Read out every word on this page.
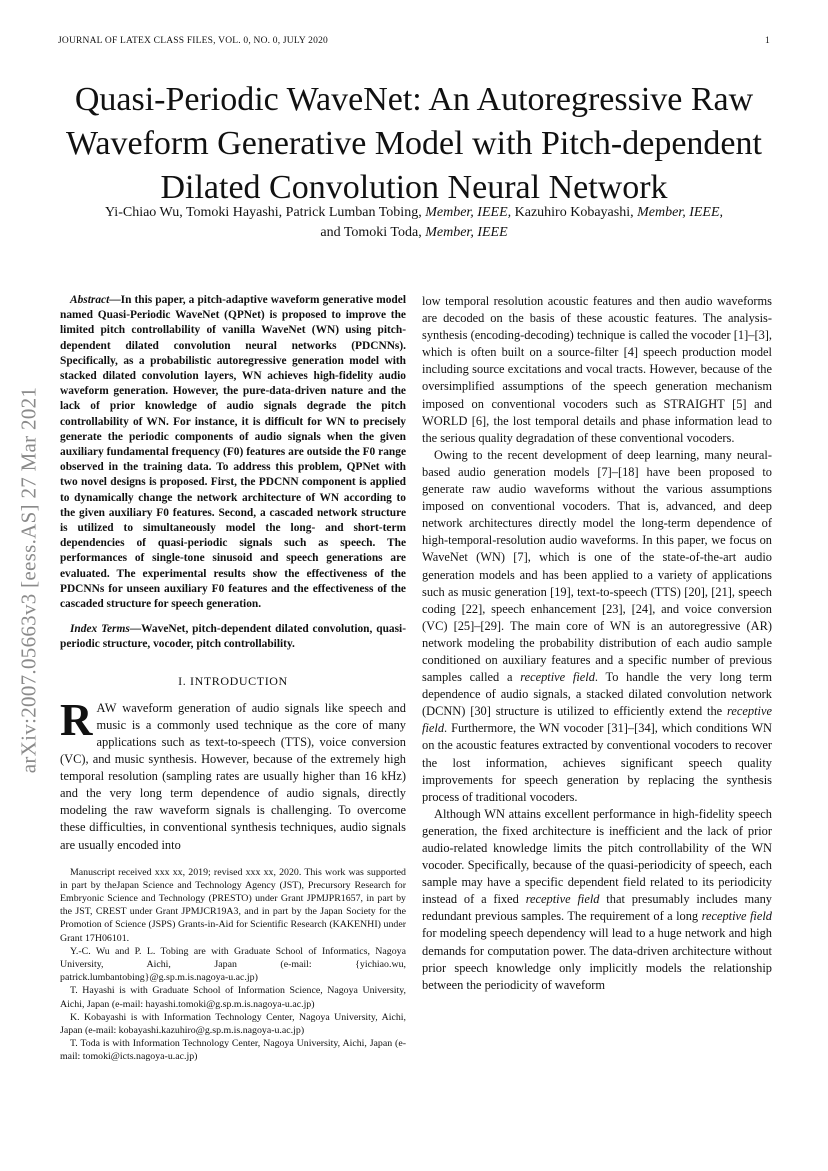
JOURNAL OF LATEX CLASS FILES, VOL. 0, NO. 0, JULY 2020	1
arXiv:2007.05663v3 [eess.AS] 27 Mar 2021
Quasi-Periodic WaveNet: An Autoregressive Raw Waveform Generative Model with Pitch-dependent Dilated Convolution Neural Network
Yi-Chiao Wu, Tomoki Hayashi, Patrick Lumban Tobing, Member, IEEE, Kazuhiro Kobayashi, Member, IEEE,
and Tomoki Toda, Member, IEEE

Abstract—In this paper, a pitch-adaptive waveform generative model named Quasi-Periodic WaveNet (QPNet) is proposed to improve the limited pitch controllability of vanilla WaveNet (WN) using pitch-dependent dilated convolution neural networks (PDCNNs). Specifically, as a probabilistic autoregressive generation model with stacked dilated convolution layers, WN achieves high-fidelity audio waveform generation. However, the pure-data-driven nature and the lack of prior knowledge of audio signals degrade the pitch controllability of WN. For instance, it is difficult for WN to precisely generate the periodic components of audio signals when the given auxiliary fundamental frequency (F0) features are outside the F0 range observed in the training data. To address this problem, QPNet with two novel designs is proposed. First, the PDCNN component is applied to dynamically change the network architecture of WN according to the given auxiliary F0 features. Second, a cascaded network structure is utilized to simultaneously model the long- and short-term dependencies of quasi-periodic signals such as speech. The performances of single-tone sinusoid and speech generations are evaluated. The experimental results show the effectiveness of the PDCNNs for unseen auxiliary F0 features and the effectiveness of the cascaded structure for speech generation.

Index Terms—WaveNet, pitch-dependent dilated convolution, quasi-periodic structure, vocoder, pitch controllability.

I. INTRODUCTION

RAW waveform generation of audio signals like speech and music is a commonly used technique as the core of many applications such as text-to-speech (TTS), voice conversion (VC), and music synthesis. However, because of the extremely high temporal resolution (sampling rates are usually higher than 16 kHz) and the very long term dependence of audio signals, directly modeling the raw waveform signals is challenging. To overcome these difficulties, in conventional synthesis techniques, audio signals are usually encoded into

Manuscript received xxx xx, 2019; revised xxx xx, 2020. This work was supported in part by theJapan Science and Technology Agency (JST), Precursory Research for Embryonic Science and Technology (PRESTO) under Grant JPMJPR1657, in part by the JST, CREST under Grant JPMJCR19A3, and in part by the Japan Society for the Promotion of Science (JSPS) Grants-in-Aid for Scientific Research (KAKENHI) under Grant 17H06101.

Y.-C. Wu and P. L. Tobing are with Graduate School of Informatics, Nagoya University, Aichi, Japan (e-mail: {yichiao.wu, patrick.lumbantobing}@g.sp.m.is.nagoya-u.ac.jp)

T. Hayashi is with Graduate School of Information Science, Nagoya University, Aichi, Japan (e-mail: hayashi.tomoki@g.sp.m.is.nagoya-u.ac.jp)

K. Kobayashi is with Information Technology Center, Nagoya University, Aichi, Japan (e-mail: kobayashi.kazuhiro@g.sp.m.is.nagoya-u.ac.jp)

T. Toda is with Information Technology Center, Nagoya University, Aichi, Japan (e-mail: tomoki@icts.nagoya-u.ac.jp)

low temporal resolution acoustic features and then audio waveforms are decoded on the basis of these acoustic features. The analysis-synthesis (encoding-decoding) technique is called the vocoder [1]–[3], which is often built on a source-filter [4] speech production model including source excitations and vocal tracts. However, because of the oversimplified assumptions of the speech generation mechanism imposed on conventional vocoders such as STRAIGHT [5] and WORLD [6], the lost temporal details and phase information lead to the serious quality degradation of these conventional vocoders.

Owing to the recent development of deep learning, many neural-based audio generation models [7]–[18] have been proposed to generate raw audio waveforms without the various assumptions imposed on conventional vocoders. That is, advanced, and deep network architectures directly model the long-term dependence of high-temporal-resolution audio waveforms. In this paper, we focus on WaveNet (WN) [7], which is one of the state-of-the-art audio generation models and has been applied to a variety of applications such as music generation [19], text-to-speech (TTS) [20], [21], speech coding [22], speech enhancement [23], [24], and voice conversion (VC) [25]–[29]. The main core of WN is an autoregressive (AR) network modeling the probability distribution of each audio sample conditioned on auxiliary features and a specific number of previous samples called a receptive field. To handle the very long term dependence of audio signals, a stacked dilated convolution network (DCNN) [30] structure is utilized to efficiently extend the receptive field. Furthermore, the WN vocoder [31]–[34], which conditions WN on the acoustic features extracted by conventional vocoders to recover the lost information, achieves significant speech quality improvements for speech generation by replacing the synthesis process of traditional vocoders.

Although WN attains excellent performance in high-fidelity speech generation, the fixed architecture is inefficient and the lack of prior audio-related knowledge limits the pitch controllability of the WN vocoder. Specifically, because of the quasi-periodicity of speech, each sample may have a specific dependent field related to its periodicity instead of a fixed receptive field that presumably includes many redundant previous samples. The requirement of a long receptive field for modeling speech dependency will lead to a huge network and high demands for computation power. The data-driven architecture without prior speech knowledge only implicitly models the relationship between the periodicity of waveform
